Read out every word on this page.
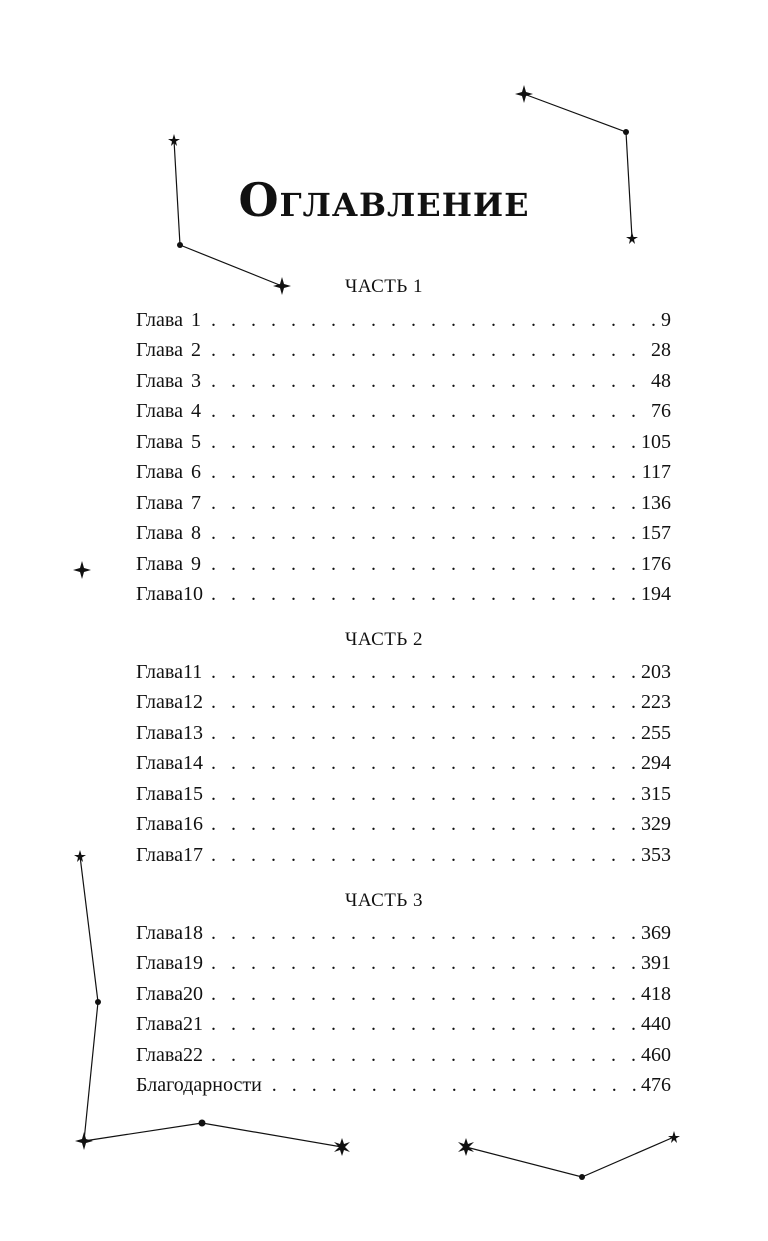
Оглавление
ЧАСТЬ 1
Глава 1 . . .	9
Глава 2 . . .	28
Глава 3 . . .	48
Глава 4 . . .	76
Глава 5 . . .	105
Глава 6 . . .	117
Глава 7 . . .	136
Глава 8 . . .	157
Глава 9 . . .	176
Глава 10 . . .	194
ЧАСТЬ 2
Глава 11 . . .	203
Глава 12 . . .	223
Глава 13 . . .	255
Глава 14 . . .	294
Глава 15 . . .	315
Глава 16 . . .	329
Глава 17 . . .	353
ЧАСТЬ 3
Глава 18 . . .	369
Глава 19 . . .	391
Глава 20 . . .	418
Глава 21 . . .	440
Глава 22 . . .	460
Благодарности . . .	476
